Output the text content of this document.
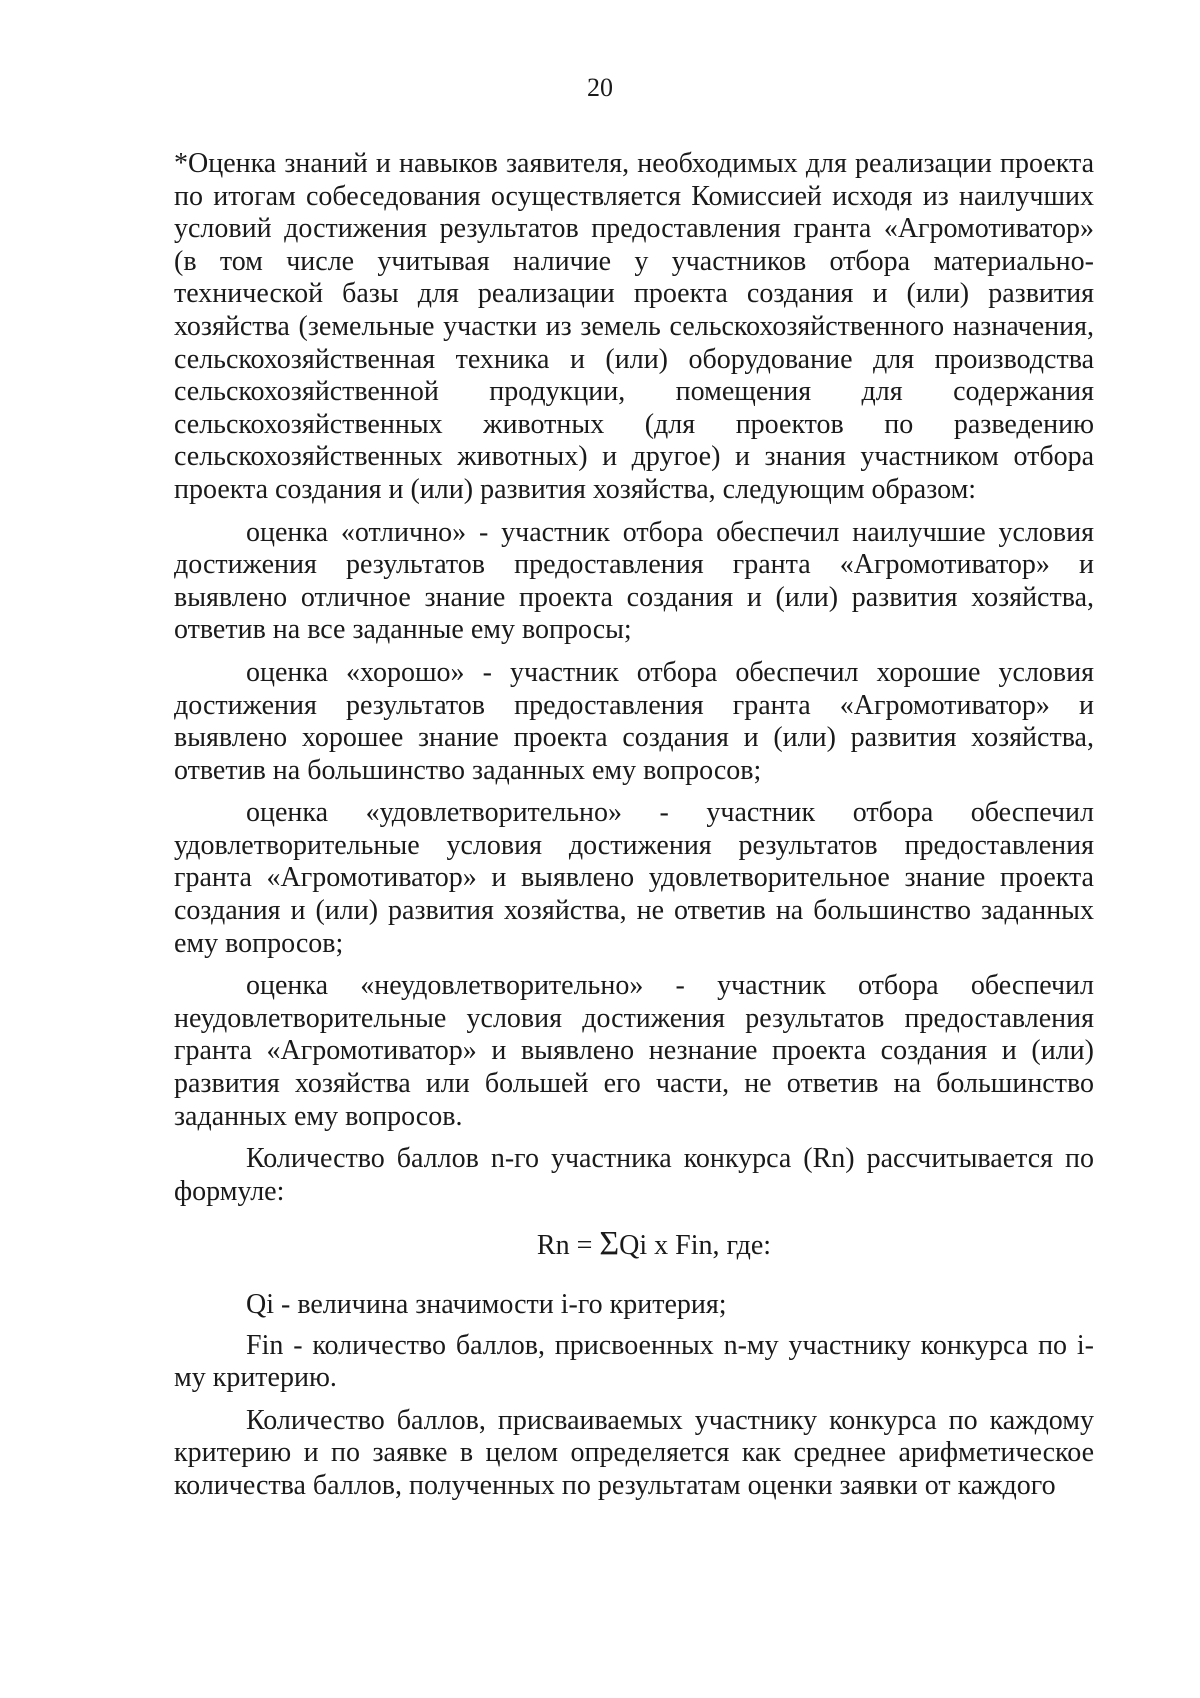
20

*Оценка знаний и навыков заявителя, необходимых для реализации проекта по итогам собеседования осуществляется Комиссией исходя из наилучших условий достижения результатов предоставления гранта «Агромотиватор» (в том числе учитывая наличие у участников отбора материально-технической базы для реализации проекта создания и (или) развития хозяйства (земельные участки из земель сельскохозяйственного назначения, сельскохозяйственная техника и (или) оборудование для производства сельскохозяйственной продукции, помещения для содержания сельскохозяйственных животных (для проектов по разведению сельскохозяйственных животных) и другое) и знания участником отбора проекта создания и (или) развития хозяйства, следующим образом:

оценка «отлично» - участник отбора обеспечил наилучшие условия достижения результатов предоставления гранта «Агромотиватор» и выявлено отличное знание проекта создания и (или) развития хозяйства, ответив на все заданные ему вопросы;

оценка «хорошо» - участник отбора обеспечил хорошие условия достижения результатов предоставления гранта «Агромотиватор» и выявлено хорошее знание проекта создания и (или) развития хозяйства, ответив на большинство заданных ему вопросов;

оценка «удовлетворительно» - участник отбора обеспечил удовлетворительные условия достижения результатов предоставления гранта «Агромотиватор» и выявлено удовлетворительное знание проекта создания и (или) развития хозяйства, не ответив на большинство заданных ему вопросов;

оценка «неудовлетворительно» - участник отбора обеспечил неудовлетворительные условия достижения результатов предоставления гранта «Агромотиватор» и выявлено незнание проекта создания и (или) развития хозяйства или большей его части, не ответив на большинство заданных ему вопросов.

Количество баллов n-го участника конкурса (Rn) рассчитывается по формуле:

Rn = ΣQi x Fin, где:

Qi - величина значимости i-го критерия;

Fin - количество баллов, присвоенных n-му участнику конкурса по i-му критерию.

Количество баллов, присваиваемых участнику конкурса по каждому критерию и по заявке в целом определяется как среднее арифметическое количества баллов, полученных по результатам оценки заявки от каждого
